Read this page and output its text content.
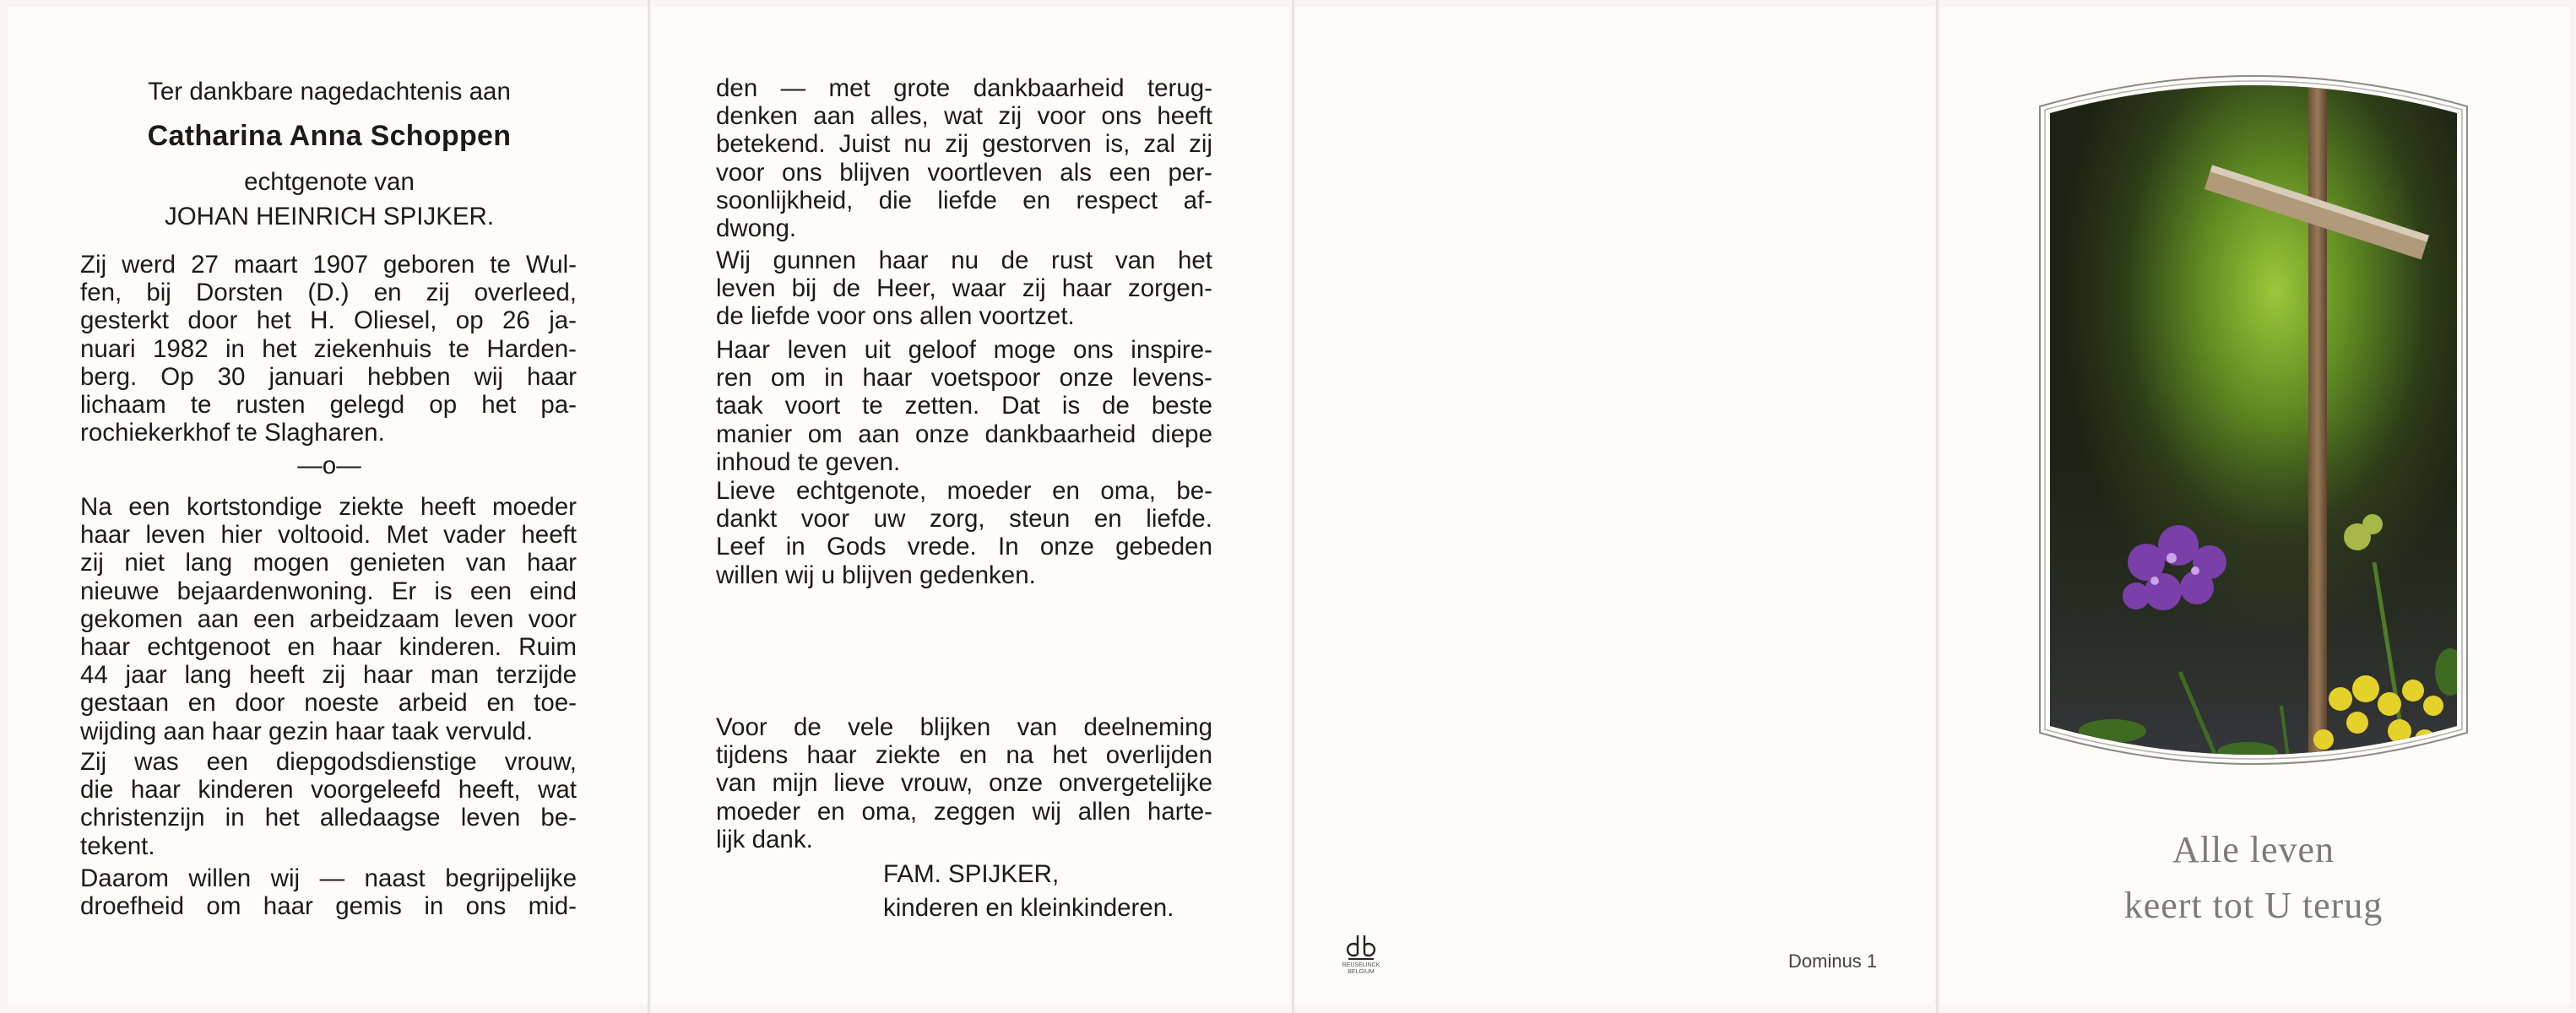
Ter dankbare nagedachtenis aan
Catharina Anna Schoppen
echtgenote van
JOHAN HEINRICH SPIJKER.
Zij werd 27 maart 1907 geboren te Wul-
fen, bij Dorsten (D.) en zij overleed,
gesterkt door het H. Oliesel, op 26 ja-
nuari 1982 in het ziekenhuis te Harden-
berg. Op 30 januari hebben wij haar
lichaam te rusten gelegd op het pa-
rochiekerkhof te Slagharen.
—o—
Na een kortstondige ziekte heeft moeder
haar leven hier voltooid. Met vader heeft
zij niet lang mogen genieten van haar
nieuwe bejaardenwoning. Er is een eind
gekomen aan een arbeidzaam leven voor
haar echtgenoot en haar kinderen. Ruim
44 jaar lang heeft zij haar man terzijde
gestaan en door noeste arbeid en toe-
wijding aan haar gezin haar taak vervuld.
Zij was een diepgodsdienstige vrouw,
die haar kinderen voorgeleefd heeft, wat
christenzijn in het alledaagse leven be-
tekent.
Daarom willen wij — naast begrijpelijke
droefheid om haar gemis in ons mid-
den — met grote dankbaarheid terug-
denken aan alles, wat zij voor ons heeft
betekend. Juist nu zij gestorven is, zal zij
voor ons blijven voortleven als een per-
soonlijkheid, die liefde en respect af-
dwong.
Wij gunnen haar nu de rust van het
leven bij de Heer, waar zij haar zorgen-
de liefde voor ons allen voortzet.
Haar leven uit geloof moge ons inspire-
ren om in haar voetspoor onze levens-
taak voort te zetten. Dat is de beste
manier om aan onze dankbaarheid diepe
inhoud te geven.
Lieve echtgenote, moeder en oma, be-
dankt voor uw zorg, steun en liefde.
Leef in Gods vrede. In onze gebeden
willen wij u blijven gedenken.
Voor de vele blijken van deelneming
tijdens haar ziekte en na het overlijden
van mijn lieve vrouw, onze onvergetelijke
moeder en oma, zeggen wij allen harte-
lijk dank.
FAM. SPIJKER,
kinderen en kleinkinderen.
REUSELINCK BELGIUM
Dominus 1
Alle leven
keert tot U terug
